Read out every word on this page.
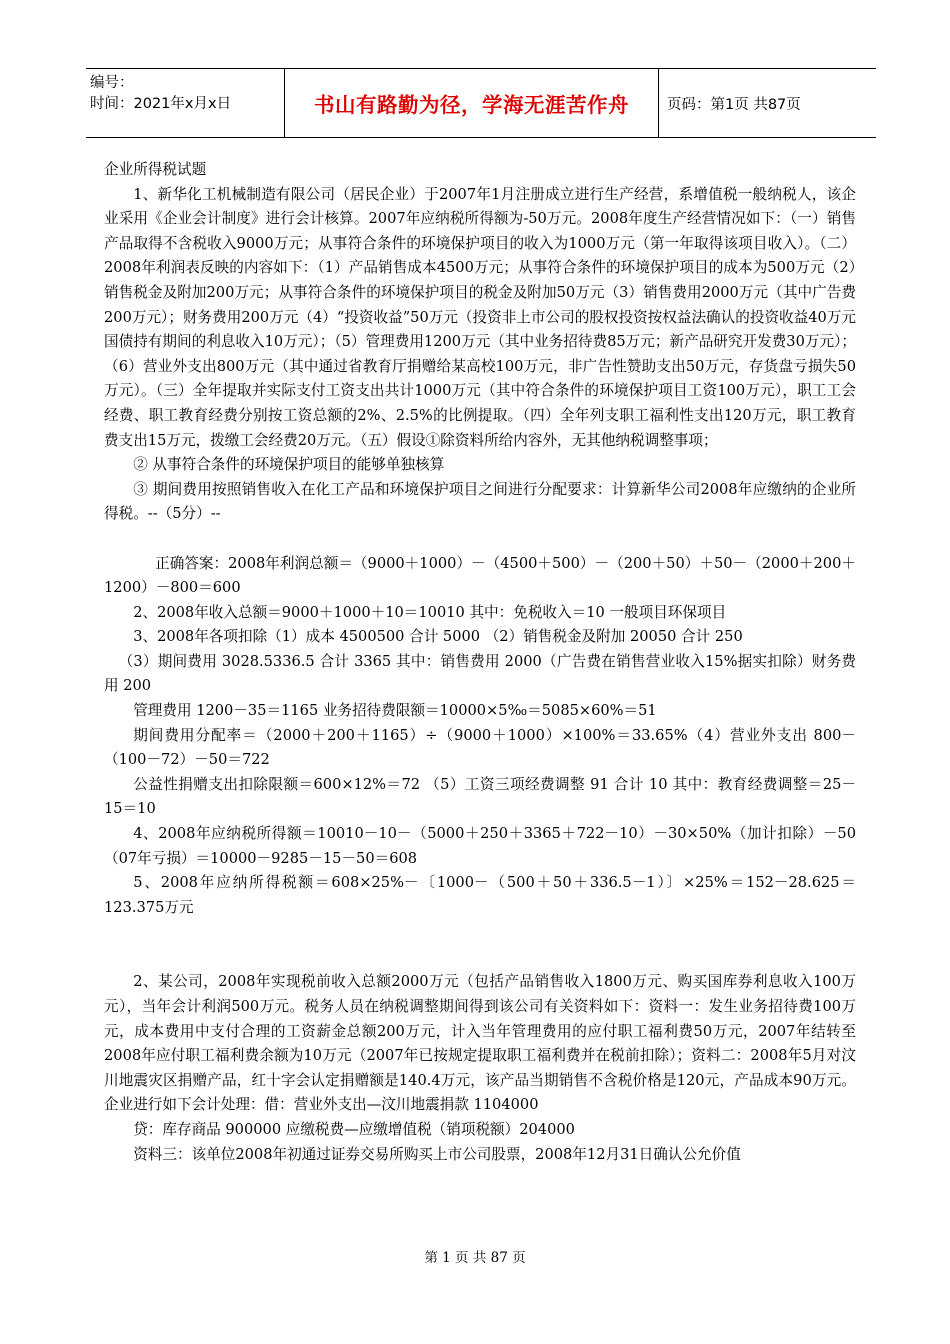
编号：
时间：2021年x月x日	书山有路勤为径，学海无涯苦作舟	页码：第1页 共87页

企业所得税试题

1、新华化工机械制造有限公司（居民企业）于2007年1月注册成立进行生产经营，系增值税一般纳税人，该企业采用《企业会计制度》进行会计核算。2007年应纳税所得额为-50万元。2008年度生产经营情况如下：（一）销售产品取得不含税收入9000万元；从事符合条件的环境保护项目的收入为1000万元（第一年取得该项目收入）。（二）2008年利润表反映的内容如下：（1）产品销售成本4500万元；从事符合条件的环境保护项目的成本为500万元（2）销售税金及附加200万元；从事符合条件的环境保护项目的税金及附加50万元（3）销售费用2000万元（其中广告费200万元）；财务费用200万元（4）“投资收益”50万元（投资非上市公司的股权投资按权益法确认的投资收益40万元国债持有期间的利息收入10万元）；（5）管理费用1200万元（其中业务招待费85万元；新产品研究开发费30万元）；（6）营业外支出800万元（其中通过省教育厅捐赠给某高校100万元，非广告性赞助支出50万元，存货盘亏损失50万元）。（三）全年提取并实际支付工资支出共计1000万元（其中符合条件的环境保护项目工资100万元），职工工会经费、职工教育经费分别按工资总额的2%、2.5%的比例提取。（四）全年列支职工福利性支出120万元，职工教育费支出15万元，拨缴工会经费20万元。（五）假设①除资料所给内容外，无其他纳税调整事项；

② 从事符合条件的环境保护项目的能够单独核算

③ 期间费用按照销售收入在化工产品和环境保护项目之间进行分配要求：计算新华公司2008年应缴纳的企业所得税。--（5分）--

正确答案：2008年利润总额＝（9000＋1000）－（4500＋500）－（200＋50）＋50－（2000＋200＋1200）－800＝600

2、2008年收入总额＝9000＋1000＋10＝10010 其中：免税收入＝10 一般项目环保项目

3、2008年各项扣除（1）成本 4500500 合计 5000 （2）销售税金及附加 20050 合计 250

（3）期间费用 3028.5336.5 合计 3365 其中：销售费用 2000（广告费在销售营业收入15%据实扣除）财务费用 200

管理费用 1200－35＝1165 业务招待费限额＝10000×5‰＝5085×60%＝51

期间费用分配率＝（2000＋200＋1165）÷（9000＋1000）×100%＝33.65%（4）营业外支出 800－（100－72）－50＝722

公益性捐赠支出扣除限额＝600×12%＝72 （5）工资三项经费调整 91 合计 10 其中：教育经费调整＝25－15＝10

4、2008年应纳税所得额＝10010－10－（5000＋250＋3365＋722－10）－30×50%（加计扣除）－50（07年亏损）＝10000－9285－15－50＝608

5、2008年应纳所得税额＝608×25%－〔1000－（500＋50＋336.5－1）〕×25%＝152－28.625＝123.375万元

2、某公司，2008年实现税前收入总额2000万元（包括产品销售收入1800万元、购买国库券利息收入100万元），当年会计利润500万元。税务人员在纳税调整期间得到该公司有关资料如下：资料一：发生业务招待费100万元，成本费用中支付合理的工资薪金总额200万元，计入当年管理费用的应付职工福利费50万元，2007年结转至2008年应付职工福利费余额为10万元（2007年已按规定提取职工福利费并在税前扣除）；资料二：2008年5月对汶川地震灾区捐赠产品，红十字会认定捐赠额是140.4万元，该产品当期销售不含税价格是120元，产品成本90万元。企业进行如下会计处理：借：营业外支出—汶川地震捐款 1104000

贷：库存商品 900000 应缴税费—应缴增值税（销项税额）204000

资料三：该单位2008年初通过证券交易所购买上市公司股票，2008年12月31日确认公允价值

第 1 页 共 87 页
